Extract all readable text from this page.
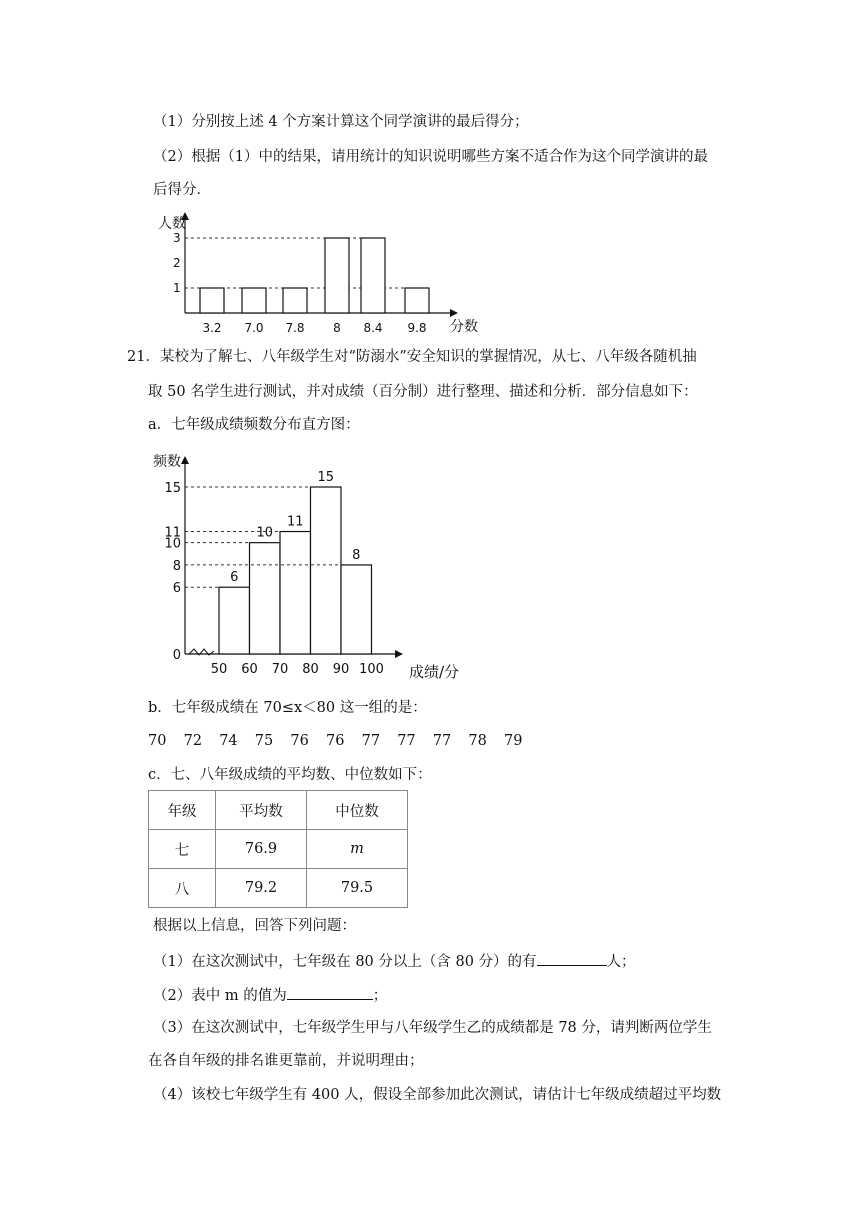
（1）分别按上述 4 个方案计算这个同学演讲的最后得分；
（2）根据（1）中的结果，请用统计的知识说明哪些方案不适合作为这个同学演讲的最
后得分．
人数
分数
1
2
3
3.2 7.0 7.8 8 8.4 9.8
21．某校为了解七、八年级学生对“防溺水”安全知识的掌握情况，从七、八年级各随机抽
取 50 名学生进行测试，并对成绩（百分制）进行整理、描述和分析．部分信息如下：
a．七年级成绩频数分布直方图：
频数
成绩/分
0
6
8
10
11
15
6
10
11
15
8
50 60 70 80 90 100
b．七年级成绩在 70≤x＜80 这一组的是：
70	72	74	75	76	76	77	77	77	78	79
c．七、八年级成绩的平均数、中位数如下：
年级	平均数	中位数
七	76.9	m
八	79.2	79.5
根据以上信息，回答下列问题：
（1）在这次测试中，七年级在 80 分以上（含 80 分）的有	人；
（2）表中 m 的值为	；
（3）在这次测试中，七年级学生甲与八年级学生乙的成绩都是 78 分，请判断两位学生
在各自年级的排名谁更靠前，并说明理由；
（4）该校七年级学生有 400 人，假设全部参加此次测试，请估计七年级成绩超过平均数
